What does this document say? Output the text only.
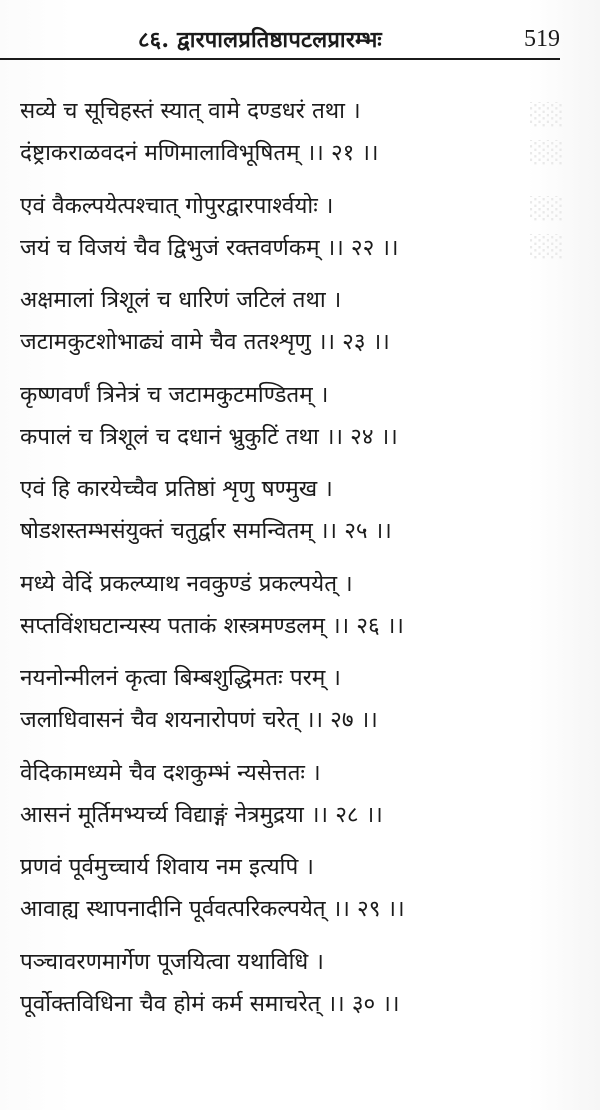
░░
░░
░░
░░
८६. द्वारपालप्रतिष्ठापटलप्रारम्भः	519
सव्ये च सूचिहस्तं स्यात् वामे दण्डधरं तथा ।
दंष्ट्राकराळवदनं मणिमालाविभूषितम् ।। २१ ।।
एवं वैकल्पयेत्पश्चात् गोपुरद्वारपार्श्वयोः ।
जयं च विजयं चैव द्विभुजं रक्तवर्णकम् ।। २२ ।।
अक्षमालां त्रिशूलं च धारिणं जटिलं तथा ।
जटामकुटशोभाढ्यं वामे चैव ततश्शृणु ।। २३ ।।
कृष्णवर्णं त्रिनेत्रं च जटामकुटमण्डितम् ।
कपालं च त्रिशूलं च दधानं भ्रुकुटिं तथा ।। २४ ।।
एवं हि कारयेच्चैव प्रतिष्ठां शृणु षण्मुख ।
षोडशस्तम्भसंयुक्तं चतुर्द्वार समन्वितम् ।। २५ ।।
मध्ये वेदिं प्रकल्प्याथ नवकुण्डं प्रकल्पयेत् ।
सप्तविंशघटान्यस्य पताकं शस्त्रमण्डलम् ।। २६ ।।
नयनोन्मीलनं कृत्वा बिम्बशुद्धिमतः परम् ।
जलाधिवासनं चैव शयनारोपणं चरेत् ।। २७ ।।
वेदिकामध्यमे चैव दशकुम्भं न्यसेत्ततः ।
आसनं मूर्तिमभ्यर्च्य विद्याङ्गं नेत्रमुद्रया ।। २८ ।।
प्रणवं पूर्वमुच्चार्य शिवाय नम इत्यपि ।
आवाह्य स्थापनादीनि पूर्ववत्परिकल्पयेत् ।। २९ ।।
पञ्चावरणमार्गेण पूजयित्वा यथाविधि ।
पूर्वोक्तविधिना चैव होमं कर्म समाचरेत् ।। ३० ।।
